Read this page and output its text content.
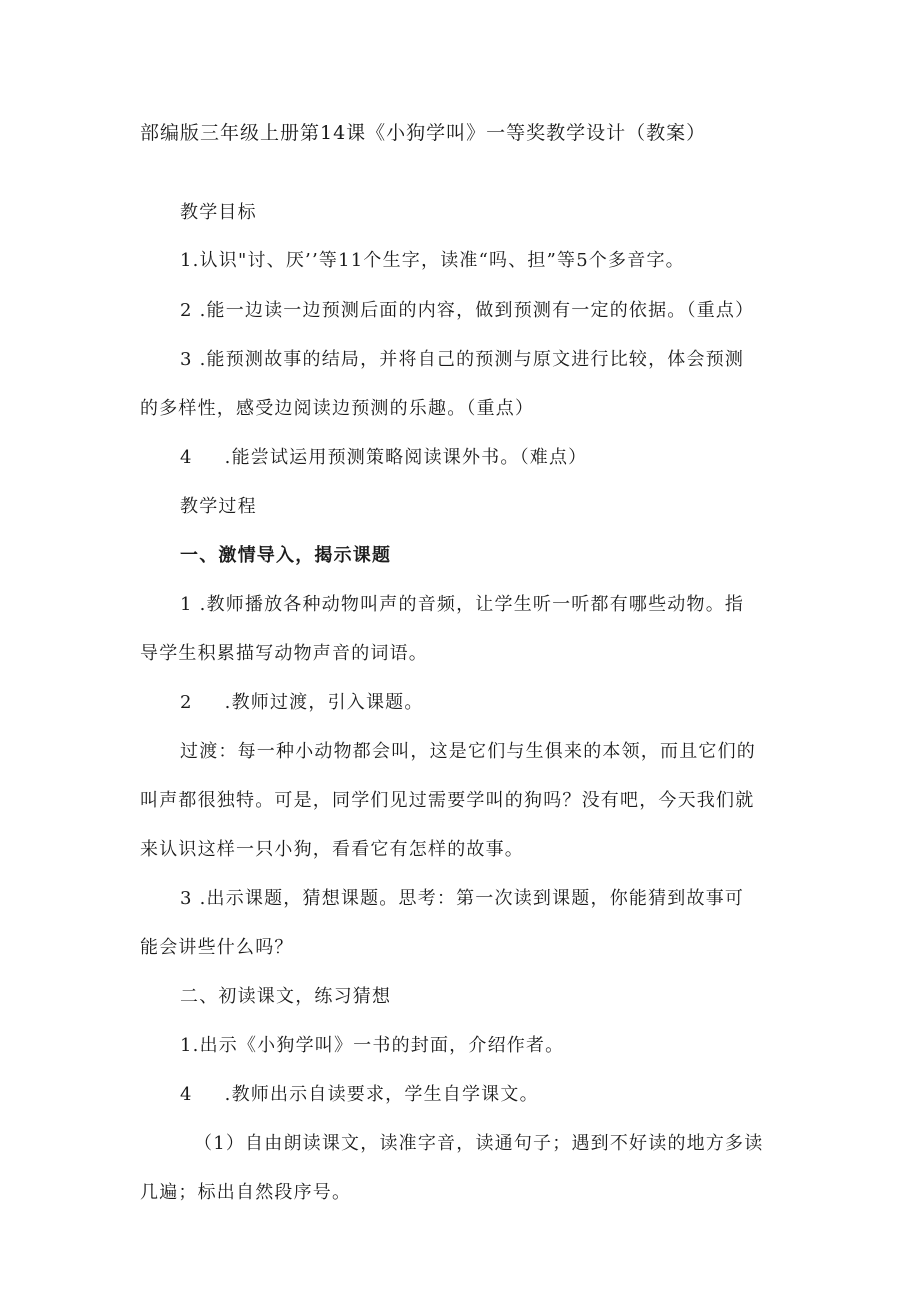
部编版三年级上册第14课《小狗学叫》一等奖教学设计（教案）
教学目标
1.认识"讨、厌’’等11个生字，读准“吗、担”等5个多音字。
2 .能一边读一边预测后面的内容，做到预测有一定的依据。（重点）
3 .能预测故事的结局，并将自己的预测与原文进行比较，体会预测
的多样性，感受边阅读边预测的乐趣。（重点）
4 .能尝试运用预测策略阅读课外书。（难点）
教学过程
一、激情导入，揭示课题
1 .教师播放各种动物叫声的音频，让学生听一听都有哪些动物。指
导学生积累描写动物声音的词语。
2 .教师过渡，引入课题。
过渡：每一种小动物都会叫，这是它们与生俱来的本领，而且它们的
叫声都很独特。可是，同学们见过需要学叫的狗吗？没有吧，今天我们就
来认识这样一只小狗，看看它有怎样的故事。
3 .出示课题，猜想课题。思考：第一次读到课题，你能猜到故事可
能会讲些什么吗？
二、初读课文，练习猜想
1.出示《小狗学叫》一书的封面，介绍作者。
4 .教师出示自读要求，学生自学课文。
（1）自由朗读课文，读准字音，读通句子；遇到不好读的地方多读
几遍；标出自然段序号。
